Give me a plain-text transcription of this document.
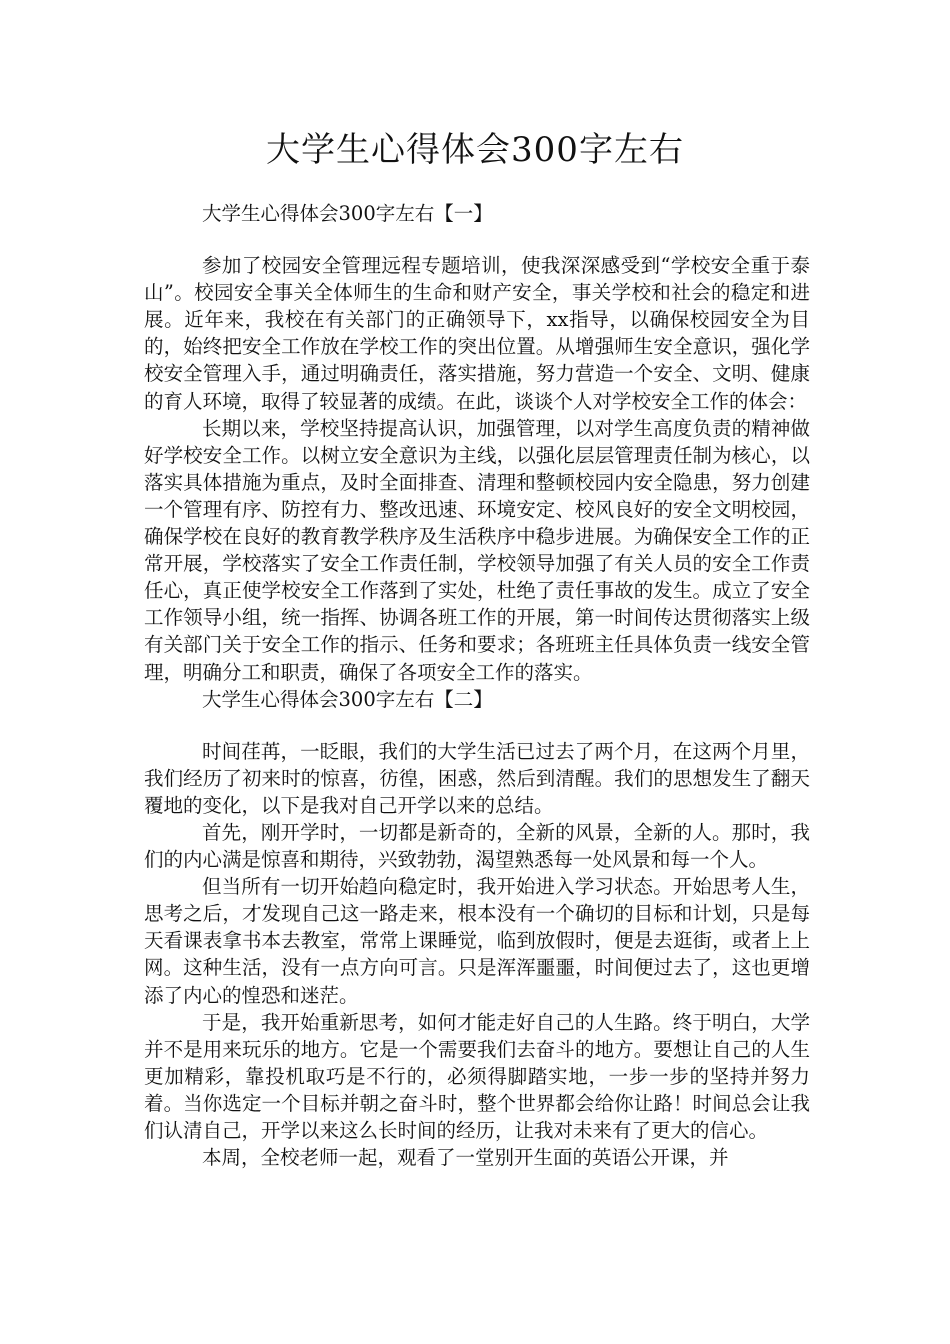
大学生心得体会300字左右

大学生心得体会300字左右【一】

参加了校园安全管理远程专题培训，使我深深感受到“学校安全重于泰山”。校园安全事关全体师生的生命和财产安全，事关学校和社会的稳定和进展。近年来，我校在有关部门的正确领导下，xx指导，以确保校园安全为目的，始终把安全工作放在学校工作的突出位置。从增强师生安全意识，强化学校安全管理入手，通过明确责任，落实措施，努力营造一个安全、文明、健康的育人环境，取得了较显著的成绩。在此，谈谈个人对学校安全工作的体会：

长期以来，学校坚持提高认识，加强管理，以对学生高度负责的精神做好学校安全工作。以树立安全意识为主线，以强化层层管理责任制为核心，以落实具体措施为重点，及时全面排查、清理和整顿校园内安全隐患，努力创建一个管理有序、防控有力、整改迅速、环境安定、校风良好的安全文明校园，确保学校在良好的教育教学秩序及生活秩序中稳步进展。为确保安全工作的正常开展，学校落实了安全工作责任制，学校领导加强了有关人员的安全工作责任心，真正使学校安全工作落到了实处，杜绝了责任事故的发生。成立了安全工作领导小组，统一指挥、协调各班工作的开展，第一时间传达贯彻落实上级有关部门关于安全工作的指示、任务和要求；各班班主任具体负责一线安全管理，明确分工和职责，确保了各项安全工作的落实。

大学生心得体会300字左右【二】

时间荏苒，一眨眼，我们的大学生活已过去了两个月，在这两个月里，我们经历了初来时的惊喜，彷徨，困惑，然后到清醒。我们的思想发生了翻天覆地的变化，以下是我对自己开学以来的总结。

首先，刚开学时，一切都是新奇的，全新的风景，全新的人。那时，我们的内心满是惊喜和期待，兴致勃勃，渴望熟悉每一处风景和每一个人。

但当所有一切开始趋向稳定时，我开始进入学习状态。开始思考人生，思考之后，才发现自己这一路走来，根本没有一个确切的目标和计划，只是每天看课表拿书本去教室，常常上课睡觉，临到放假时，便是去逛街，或者上上网。这种生活，没有一点方向可言。只是浑浑噩噩，时间便过去了，这也更增添了内心的惶恐和迷茫。

于是，我开始重新思考，如何才能走好自己的人生路。终于明白，大学并不是用来玩乐的地方。它是一个需要我们去奋斗的地方。要想让自己的人生更加精彩，靠投机取巧是不行的，必须得脚踏实地，一步一步的坚持并努力着。当你选定一个目标并朝之奋斗时，整个世界都会给你让路！时间总会让我们认清自己，开学以来这么长时间的经历，让我对未来有了更大的信心。

本周，全校老师一起，观看了一堂别开生面的英语公开课，并
